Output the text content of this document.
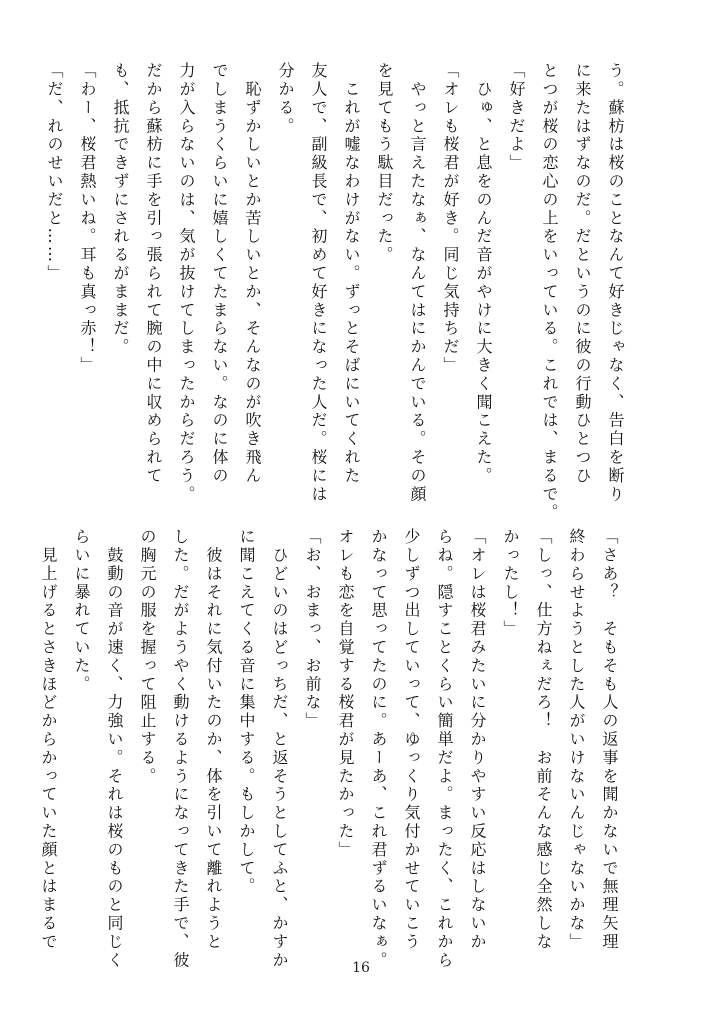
う。蘇枋は桜のことなんて好きじゃなく、告白を断り
に来たはずなのだ。だというのに彼の行動ひとつひ
とつが桜の恋心の上をいっている。これでは、まるで。
「好きだよ」
　ひゅ、と息をのんだ音がやけに大きく聞こえた。
「オレも桜君が好き。同じ気持ちだ」
　やっと言えたなぁ、なんてはにかんでいる。その顔
を見てもう駄目だった。
　これが嘘なわけがない。ずっとそばにいてくれた
友人で、副級長で、初めて好きになった人だ。桜には
分かる。
　恥ずかしいとか苦しいとか、そんなのが吹き飛ん
でしまうくらいに嬉しくてたまらない。なのに体の
力が入らないのは、気が抜けてしまったからだろう。
だから蘇枋に手を引っ張られて腕の中に収められて
も、抵抗できずにされるがままだ。
「わー、桜君熱いね。耳も真っ赤！」
「だ、れのせいだと……」
「さあ？　そもそも人の返事を聞かないで無理矢理
終わらせようとした人がいけないんじゃないかな」
「しっ、仕方ねぇだろ！　お前そんな感じ全然しな
かったし！」
「オレは桜君みたいに分かりやすい反応はしないか
らね。隠すことくらい簡単だよ。まったく、これから
少しずつ出していって、ゆっくり気付かせていこう
かなって思ってたのに。あーあ、これ君ずるいなぁ。
オレも恋を自覚する桜君が見たかった」
「お、おまっ、お前な」
　ひどいのはどっちだ、と返そうとしてふと、かすか
に聞こえてくる音に集中する。もしかして。
　彼はそれに気付いたのか、体を引いて離れようと
した。だがようやく動けるようになってきた手で、彼
の胸元の服を握って阻止する。
　鼓動の音が速く、力強い。それは桜のものと同じく
らいに暴れていた。
　見上げるとさきほどからかっていた顔とはまるで
16
